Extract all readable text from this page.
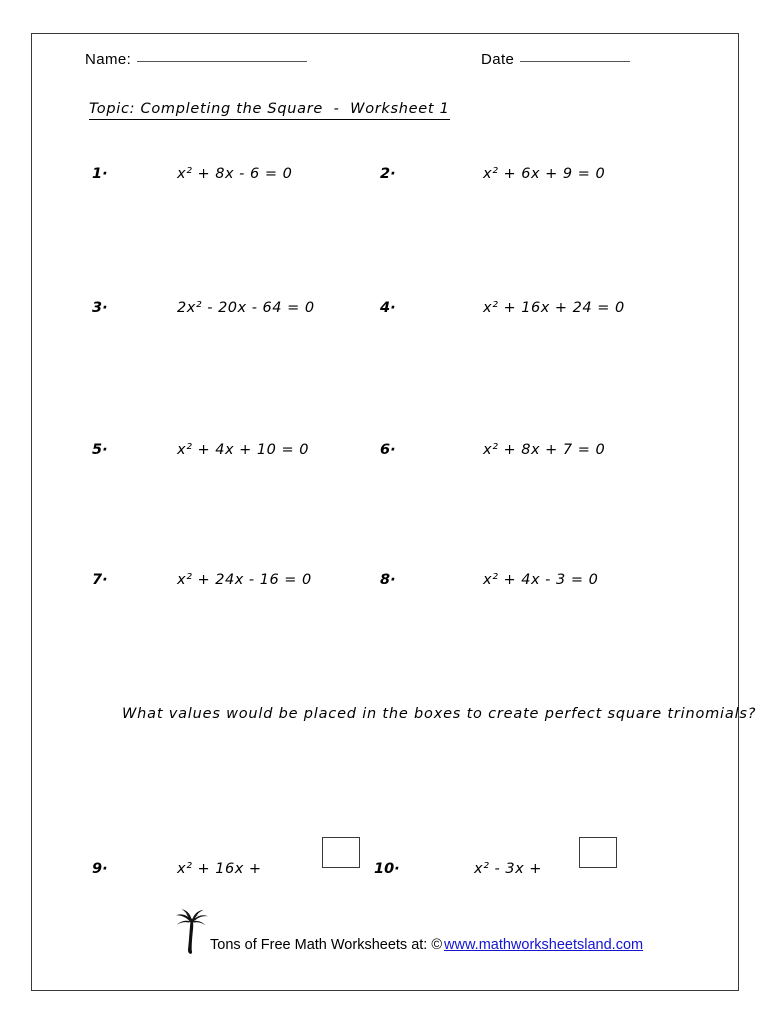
Name:	Date
Topic: Completing the Square  -  Worksheet 1
1·	x² + 8x - 6 = 0	2·	x² + 6x + 9 = 0
3·	2x² - 20x - 64 = 0	4·	x² + 16x + 24 = 0
5·	x² + 4x + 10 = 0	6·	x² + 8x + 7 = 0
7·	x² + 24x - 16 = 0	8·	x² + 4x - 3 = 0
What values would be placed in the boxes to create perfect square trinomials?
9·	x² + 16x +	10·	x² - 3x +
Tons of Free Math Worksheets at: © www.mathworksheetsland.com
